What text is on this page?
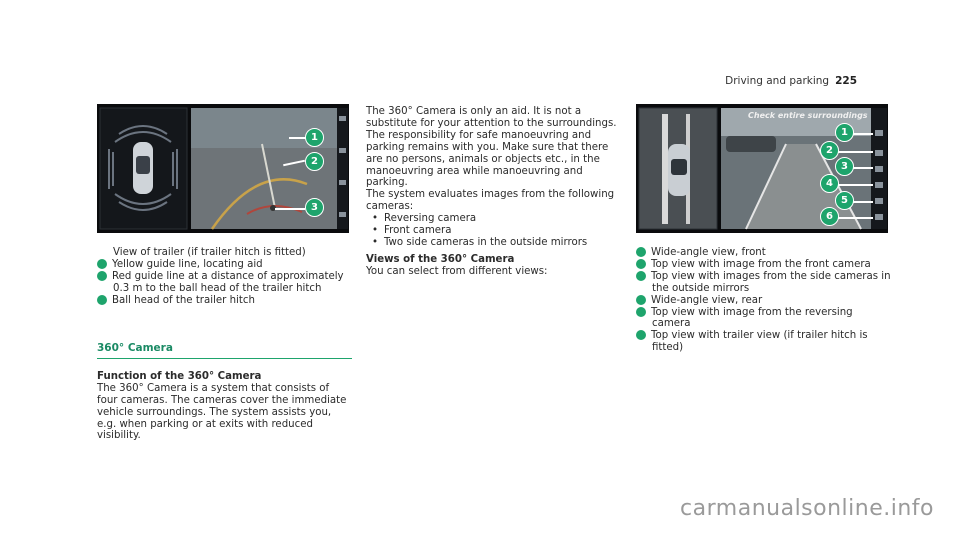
Driving and parking 225
1
2
3

View of trailer (if trailer hitch is fitted)

1 Yellow guide line, locating aid

2 Red guide line at a distance of approximately 0.3 m to the ball head of the trailer hitch

3 Ball head of the trailer hitch

360° Camera

Function of the 360° Camera

The 360° Camera is a system that consists of four cameras. The cameras cover the immediate vehicle surroundings. The system assists you, e.g. when parking or at exits with reduced visibility.

The 360° Camera is only an aid. It is not a substitute for your attention to the surroundings. The responsibility for safe manoeuvring and parking remains with you. Make sure that there are no persons, animals or objects etc., in the manoeuvring area while manoeuvring and parking.

The system evaluates images from the following cameras:

• Reversing camera
• Front camera
• Two side cameras in the outside mirrors

Views of the 360° Camera

You can select from different views:

Check entire surroundings
1
2
3
4
5
6

1 Wide-angle view, front

2 Top view with image from the front camera

3 Top view with images from the side cameras in the outside mirrors

4 Wide-angle view, rear

5 Top view with image from the reversing camera

6 Top view with trailer view (if trailer hitch is fitted)

carmanualsonline.info
